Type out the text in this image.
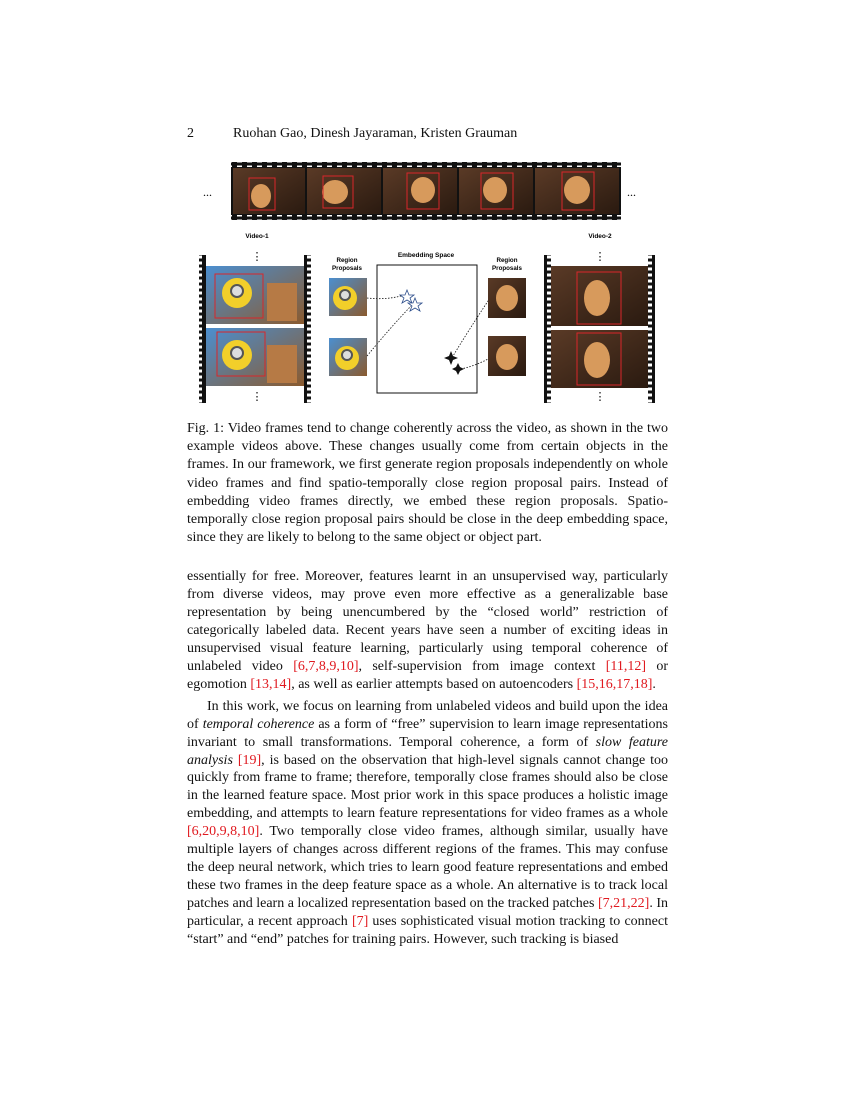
2	Ruohan Gao, Dinesh Jayaraman, Kristen Grauman
...	...
Video-1	Video-2
⋮
⋮
Region Proposals
Embedding Space
Region Proposals
⋮
⋮
Fig. 1: Video frames tend to change coherently across the video, as shown in the two example videos above. These changes usually come from certain objects in the frames. In our framework, we first generate region proposals independently on whole video frames and find spatio-temporally close region proposal pairs. Instead of embedding video frames directly, we embed these region proposals. Spatio-temporally close region proposal pairs should be close in the deep embedding space, since they are likely to belong to the same object or object part.

essentially for free. Moreover, features learnt in an unsupervised way, particularly from diverse videos, may prove even more effective as a generalizable base representation by being unencumbered by the “closed world” restriction of categorically labeled data. Recent years have seen a number of exciting ideas in unsupervised visual feature learning, particularly using temporal coherence of unlabeled video [6,7,8,9,10], self-supervision from image context [11,12] or egomotion [13,14], as well as earlier attempts based on autoencoders [15,16,17,18].

In this work, we focus on learning from unlabeled videos and build upon the idea of temporal coherence as a form of “free” supervision to learn image representations invariant to small transformations. Temporal coherence, a form of slow feature analysis [19], is based on the observation that high-level signals cannot change too quickly from frame to frame; therefore, temporally close frames should also be close in the learned feature space. Most prior work in this space produces a holistic image embedding, and attempts to learn feature representations for video frames as a whole [6,20,9,8,10]. Two temporally close video frames, although similar, usually have multiple layers of changes across different regions of the frames. This may confuse the deep neural network, which tries to learn good feature representations and embed these two frames in the deep feature space as a whole. An alternative is to track local patches and learn a localized representation based on the tracked patches [7,21,22]. In particular, a recent approach [7] uses sophisticated visual motion tracking to connect “start” and “end” patches for training pairs. However, such tracking is biased
